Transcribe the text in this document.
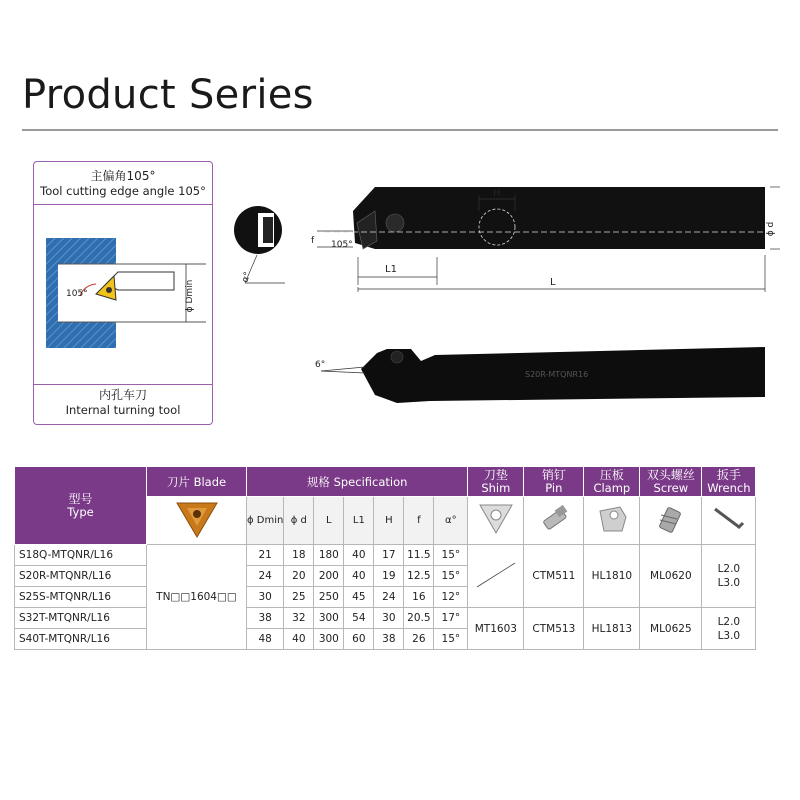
Product Series
主偏角105°
Tool cutting edge angle 105°
105°	ϕ Dmin
内孔车刀
Internal turning tool
α°
H
f 105°
L1
L
ϕ d
S20R-MTQNR16
6°
型号
Type	刀片 Blade	规格 Specification							刀垫
Shim	销钉
Pin	压板
Clamp	双头螺丝
Screw	扳手
Wrench

	ϕ Dmin	ϕ d	L	L1	H	f	α°					
S18Q-MTQNR/L16	TN□□1604□□	21	18	180	40	17	11.5	15°		CTM511	HL1810	ML0620	L2.0
L3.0

S20R-MTQNR/L16		24	20	200	40	19	12.5	15°					
S25S-MTQNR/L16		30	25	250	45	24	16	12°					
S32T-MTQNR/L16		38	32	300	54	30	20.5	17°	MT1603	CTM513	HL1813	ML0625	L2.0
L3.0

S40T-MTQNR/L16		48	40	300	60	38	26	15°					
